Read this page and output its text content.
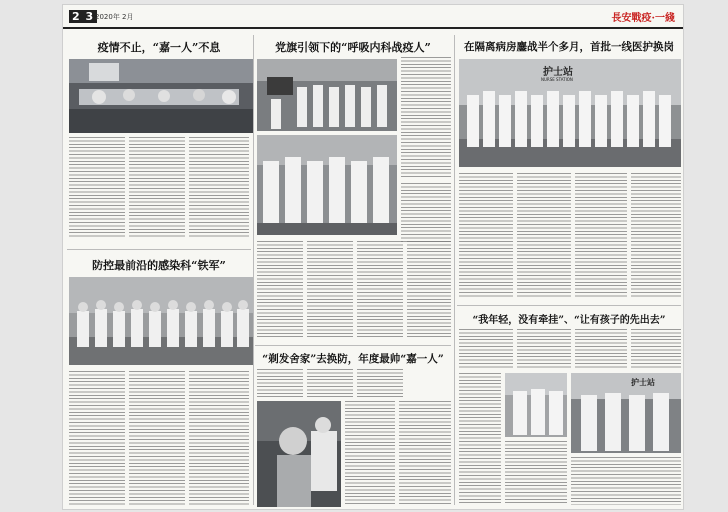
2 3 2020年 2月	長安戰疫·一綫
疫情不止，“嘉一人”不息
防控最前沿的感染科“铁军”
党旗引领下的“呼吸内科战疫人”
“剃发舍家”去换防，年度最帅“嘉一人”
在隔离病房鏖战半个多月，首批一线医护换岗
护士站
NURSE STATION
“我年轻，没有牵挂”、“让有孩子的先出去”
护士站
